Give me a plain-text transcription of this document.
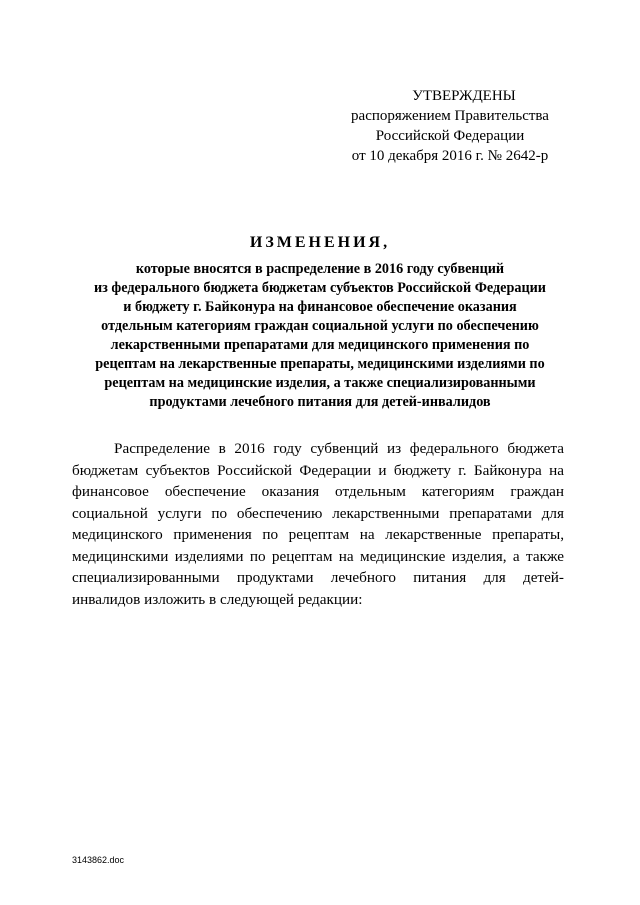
УТВЕРЖДЕНЫ
распоряжением Правительства
Российской Федерации
от 10 декабря 2016 г. № 2642-р
ИЗМЕНЕНИЯ,
которые вносятся в распределение в 2016 году субвенций
из федерального бюджета бюджетам субъектов Российской Федерации
и бюджету г. Байконура на финансовое обеспечение оказания
отдельным категориям граждан социальной услуги по обеспечению
лекарственными препаратами для медицинского применения по
рецептам на лекарственные препараты, медицинскими изделиями по
рецептам на медицинские изделия, а также специализированными
продуктами лечебного питания для детей-инвалидов
Распределение в 2016 году субвенций из федерального бюджета
бюджетам субъектов Российской Федерации и бюджету г. Байконура на
финансовое обеспечение оказания отдельным категориям граждан
социальной услуги по обеспечению лекарственными препаратами для
медицинского применения по рецептам на лекарственные препараты,
медицинскими изделиями по рецептам на медицинские изделия, а также
специализированными продуктами лечебного питания для детей-
инвалидов изложить в следующей редакции:
3143862.doc
